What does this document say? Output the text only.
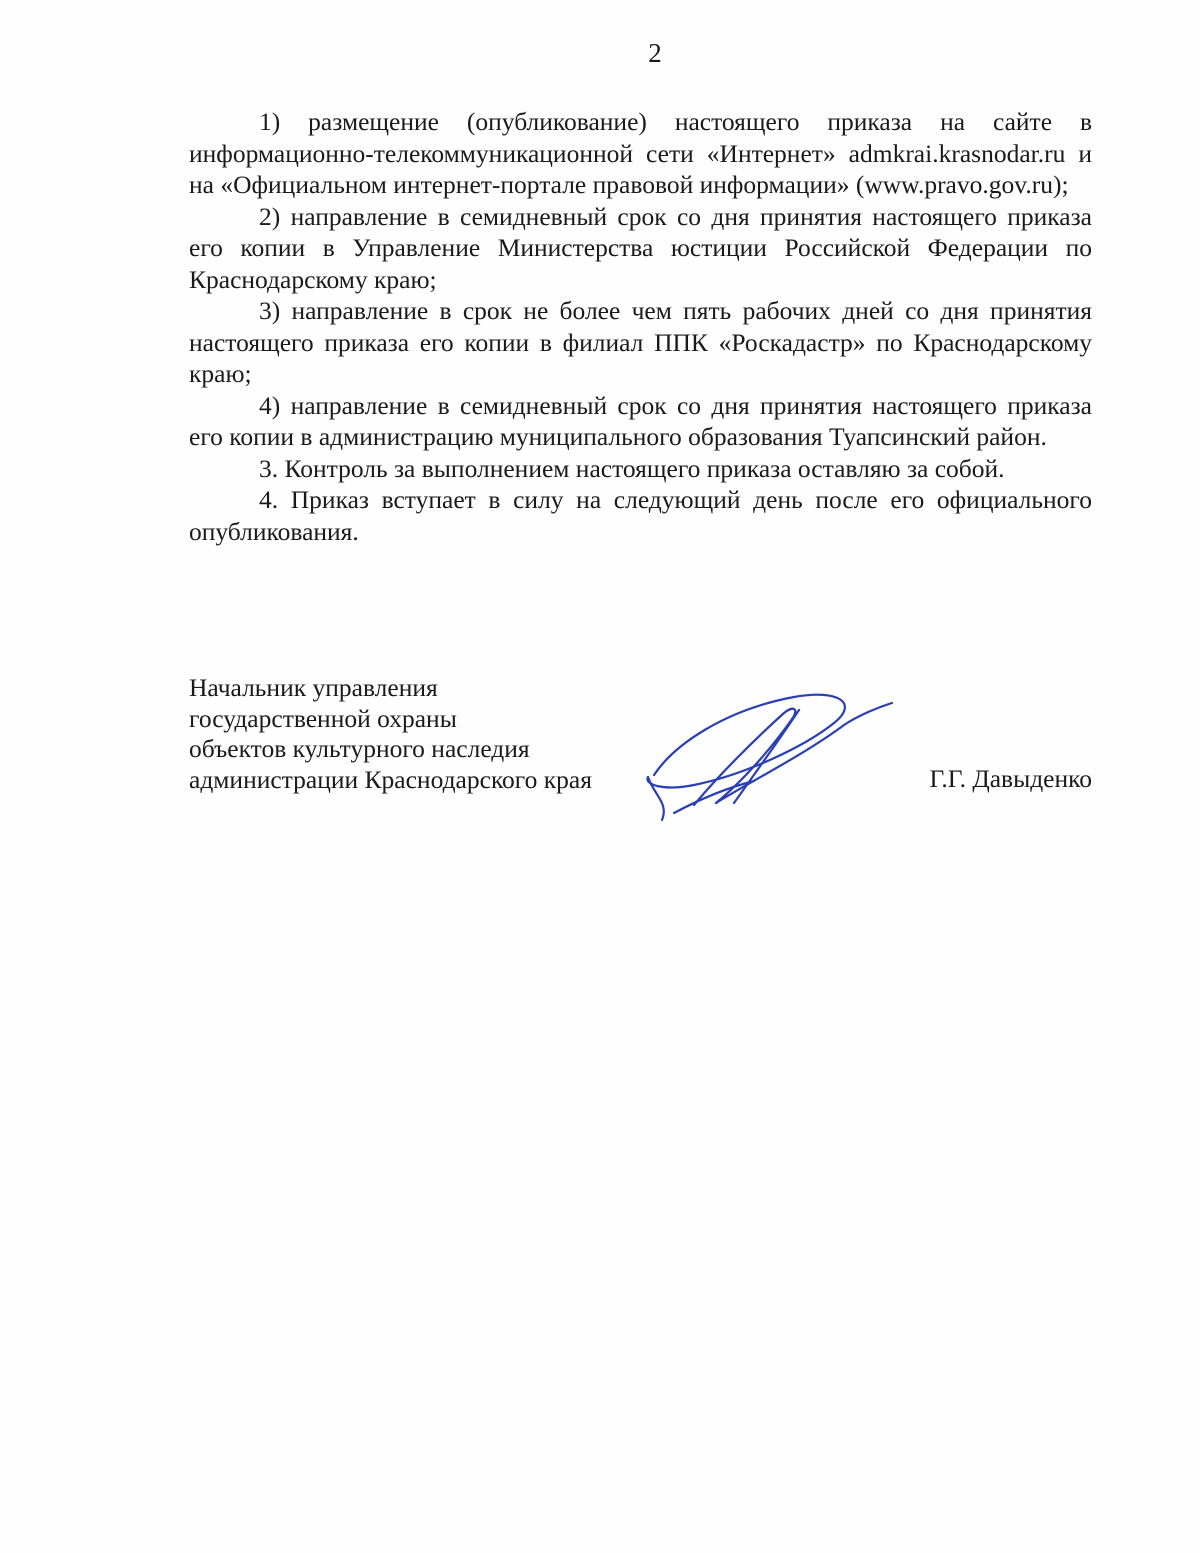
2

1) размещение (опубликование) настоящего приказа на сайте в информационно-телекоммуникационной сети «Интернет» admkrai.krasnodar.ru и на «Официальном интернет-портале правовой информации» (www.pravo.gov.ru);

2) направление в семидневный срок со дня принятия настоящего приказа его копии в Управление Министерства юстиции Российской Федерации по Краснодарскому краю;

3) направление в срок не более чем пять рабочих дней со дня принятия настоящего приказа его копии в филиал ППК «Роскадастр» по Краснодарскому краю;

4) направление в семидневный срок со дня принятия настоящего приказа его копии в администрацию муниципального образования Туапсинский район.

3. Контроль за выполнением настоящего приказа оставляю за собой.

4. Приказ вступает в силу на следующий день после его официального опубликования.

Начальник управления
государственной охраны
объектов культурного наследия
администрации Краснодарского края	Г.Г. Давыденко
